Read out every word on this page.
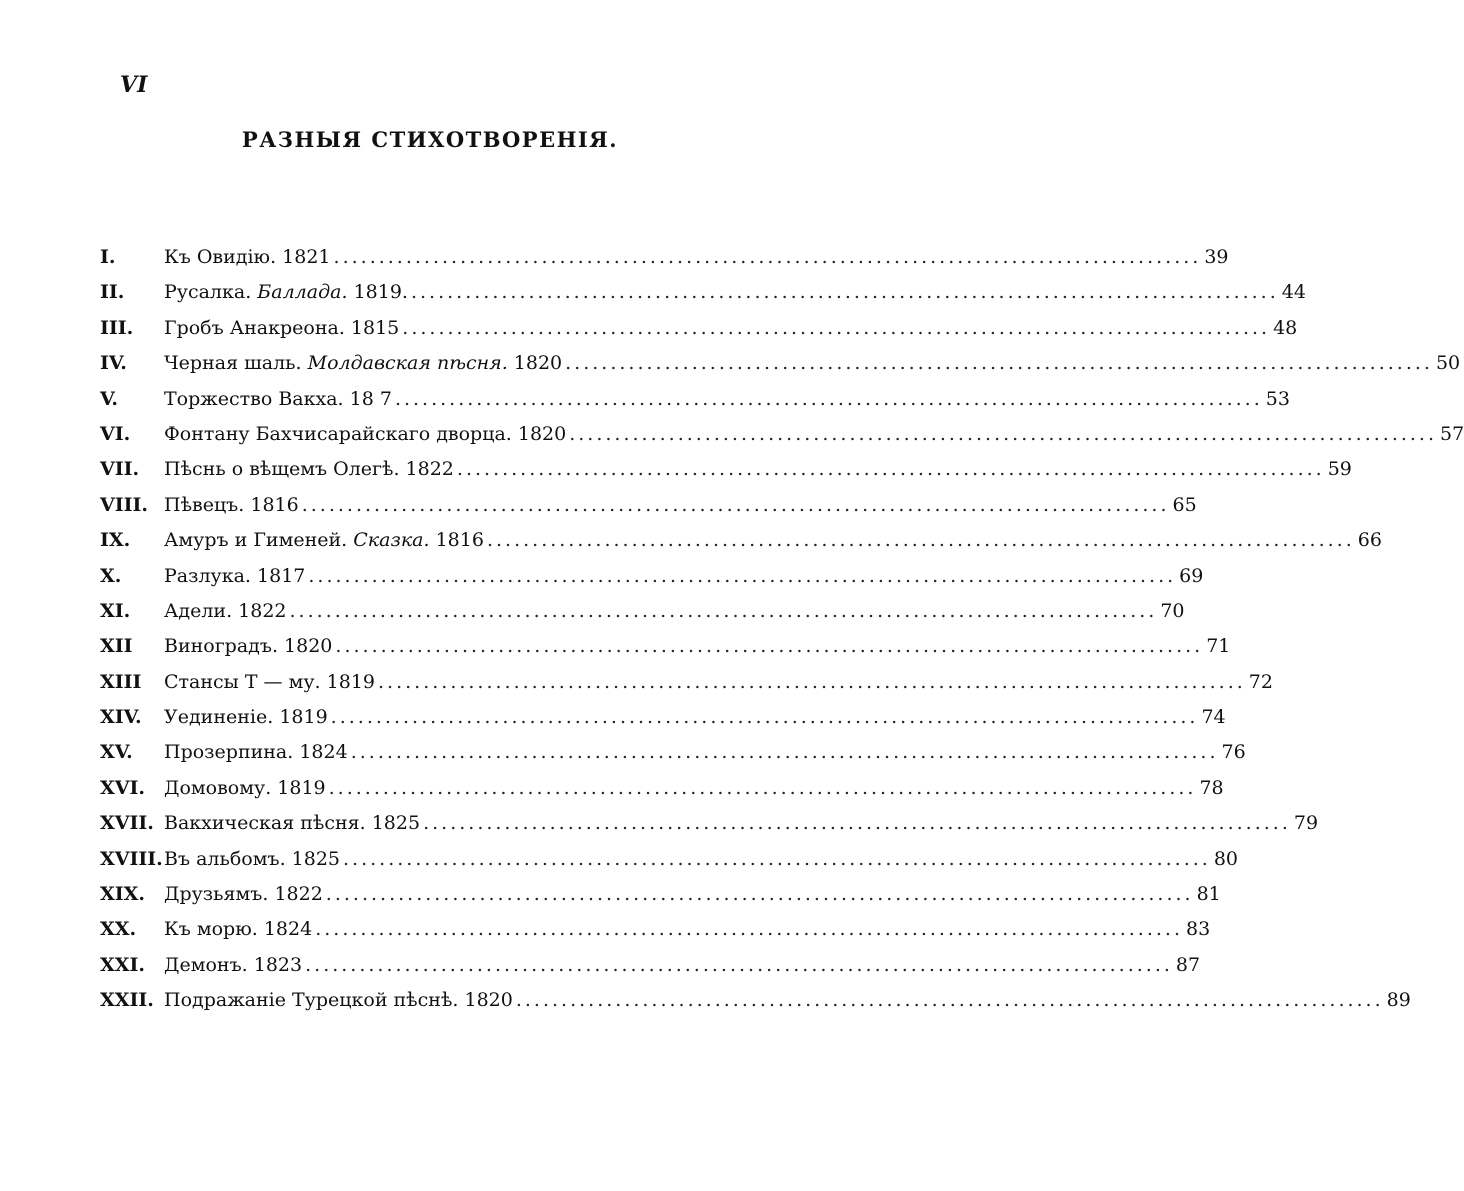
VI
РАЗНЫЯ СТИХОТВОРЕНІЯ.
I.	Къ Овидію. 1821 .....	39
II.	Русалка. Баллада. 1819. .....	44
III.	Гробъ Анакреона. 1815 .....	48
IV.	Черная шаль. Молдавская пѣсня. 1820 .....	50
V.	Торжество Вакха. 18 7 .....	53
VI.	Фонтану Бахчисарайскаго дворца. 1820 .....	57
VII.	Пѣснь о вѣщемъ Олегѣ. 1822 .....	59
VIII. Пѣвецъ. 1816 .....	65
IX.	Амуръ и Гименей. Сказка. 1816 .....	66
X.	Разлука. 1817 .....	69
XI.	Адели. 1822 .....	70
XII	Виноградъ. 1820 .....	71
XIII	Стансы Т — му. 1819 .....	72
XIV.	Уединеніе. 1819 .....	74
XV.	Прозерпина. 1824 .....	76
XVI.	Домовому. 1819 .....	78
XVII. Вакхическая пѣсня. 1825 .....	79
XVIII. Въ альбомъ. 1825 .....	80
XIX.	Друзьямъ. 1822 .....	81
XX.	Къ морю. 1824 .....	83
XXI.	Демонъ. 1823 .....	87
XXII. Подражаніе Турецкой пѣснѣ. 1820 .....	89
